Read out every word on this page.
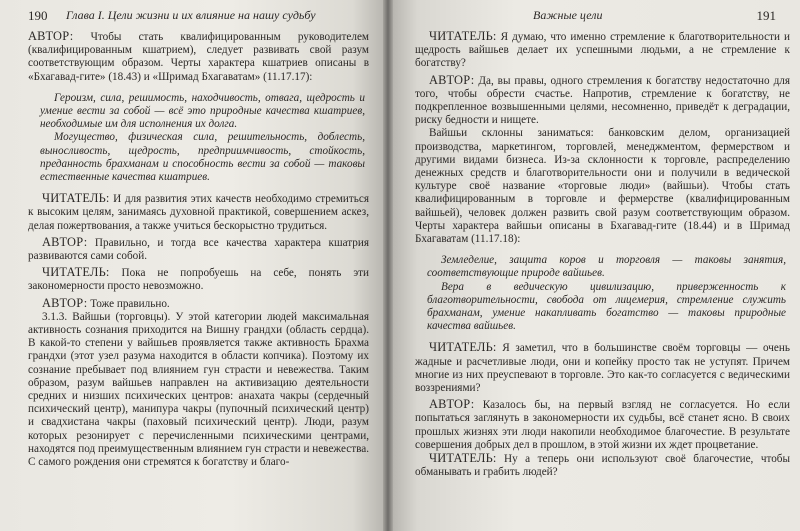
190 Глава I. Цели жизни и их влияние на нашу судьбу

АВТОР: Чтобы стать квалифицированным руководителем (квалифицированным кшатрием), следует развивать свой разум соответствующим образом. Черты характера кшатриев описаны в «Бхагавад-гите» (18.43) и «Шримад Бхагаватам» (11.17.17):

Героизм, сила, решимость, находчивость, отвага, щедрость и умение вести за собой — всё это природные качества кшатриев, необходимые им для исполнения их долга.

Могущество, физическая сила, решительность, доблесть, выносливость, щедрость, предприимчивость, стойкость, преданность брахманам и способность вести за собой — таковы естественные качества кшатриев.

ЧИТАТЕЛЬ: И для развития этих качеств необходимо стремиться к высоким целям, занимаясь духовной практикой, совершением аскез, делая пожертвования, а также учиться бескорыстно трудиться.

АВТОР: Правильно, и тогда все качества характера кшатрия развиваются сами собой.

ЧИТАТЕЛЬ: Пока не попробуешь на себе, понять эти закономерности просто невозможно.

АВТОР: Тоже правильно.

3.1.3. Вайшьи (торговцы). У этой категории людей максимальная активность сознания приходится на Вишну грандхи (область сердца). В какой-то степени у вайшьев проявляется также активность Брахма грандхи (этот узел разума находится в области копчика). Поэтому их сознание пребывает под влиянием гун страсти и невежества. Таким образом, разум вайшьев направлен на активизацию деятельности средних и низших психических центров: анахата чакры (сердечный психический центр), манипура чакры (пупочный психический центр) и свадхистана чакры (паховый психический центр). Люди, разум которых резонирует с перечисленными психическими центрами, находятся под преимущественным влиянием гун страсти и невежества. С самого рождения они стремятся к богатству и благо-

Важные цели	191

ЧИТАТЕЛЬ: Я думаю, что именно стремление к благотворительности и щедрость вайшьев делает их успешными людьми, а не стремление к богатству?

АВТОР: Да, вы правы, одного стремления к богатству недостаточно для того, чтобы обрести счастье. Напротив, стремление к богатству, не подкрепленное возвышенными целями, несомненно, приведёт к деградации, риску бедности и нищете.

Вайшьи склонны заниматься: банковским делом, организацией производства, маркетингом, торговлей, менеджментом, фермерством и другими видами бизнеса. Из-за склонности к торговле, распределению денежных средств и благотворительности они и получили в ведической культуре своё название «торговые люди» (вайшьи). Чтобы стать квалифицированным в торговле и фермерстве (квалифицированным вайшьей), человек должен развить свой разум соответствующим образом. Черты характера вайшьи описаны в Бхагавад-гите (18.44) и в Шримад Бхагаватам (11.17.18):

Земледелие, защита коров и торговля — таковы занятия, соответствующие природе вайшьев.

Вера в ведическую цивилизацию, приверженность к благотворительности, свобода от лицемерия, стремление служить брахманам, умение накапливать богатство — таковы природные качества вайшьев.

ЧИТАТЕЛЬ: Я заметил, что в большинстве своём торговцы — очень жадные и расчетливые люди, они и копейку просто так не уступят. Причем многие из них преуспевают в торговле. Это как-то согласуется с ведическими воззрениями?

АВТОР: Казалось бы, на первый взгляд не согласуется. Но если попытаться заглянуть в закономерности их судьбы, всё станет ясно. В своих прошлых жизнях эти люди накопили необходимое благочестие. В результате совершения добрых дел в прошлом, в этой жизни их ждет процветание.

ЧИТАТЕЛЬ: Ну а теперь они используют своё благочестие, чтобы обманывать и грабить людей?
